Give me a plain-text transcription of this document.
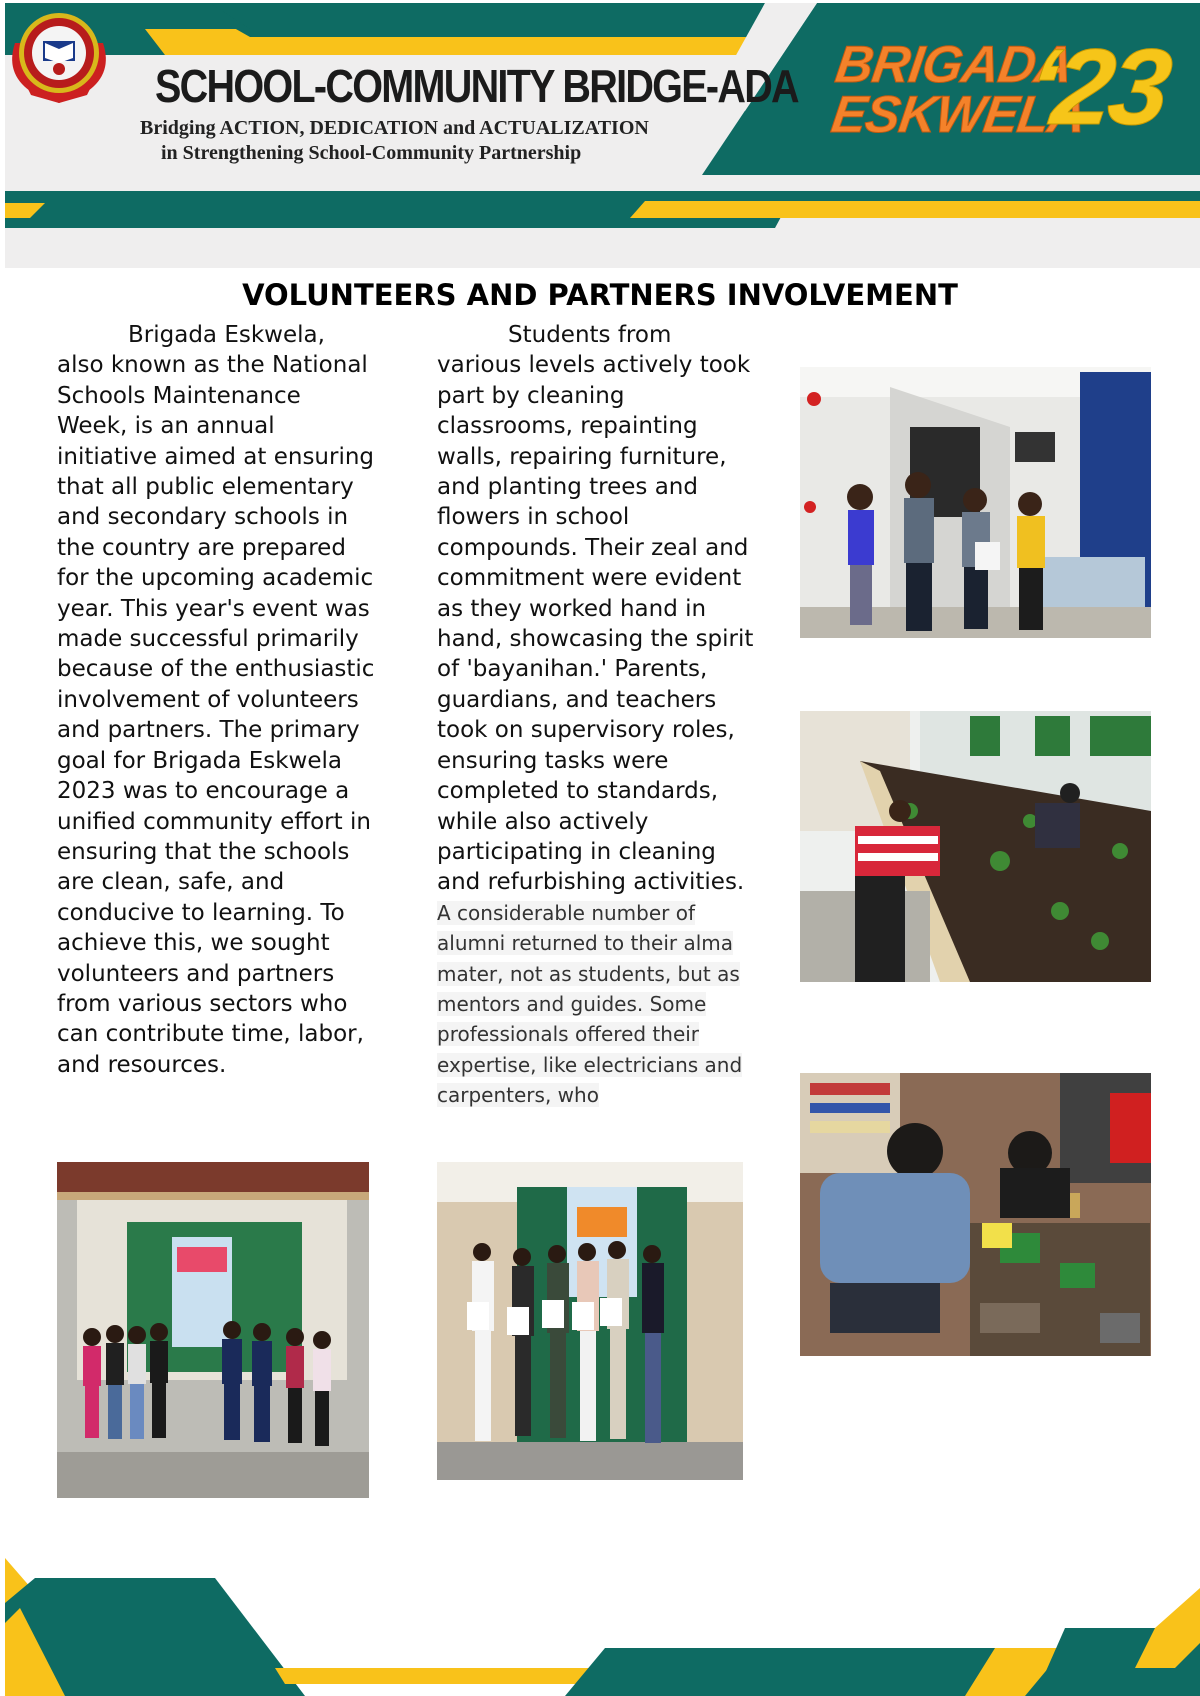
SCHOOL-COMMUNITY BRIDGE-ADA
Bridging ACTION, DEDICATION and ACTUALIZATION
in Strengthening School-Community Partnership
BRIGADA
ESKWELA
‘23
VOLUNTEERS AND PARTNERS INVOLVEMENT
Brigada Eskwela, also known as the National Schools Maintenance Week, is an annual initiative aimed at ensuring that all public elementary and secondary schools in the country are prepared for the upcoming academic year. This year's event was made successful primarily because of the enthusiastic involvement of volunteers and partners. The primary goal for Brigada Eskwela 2023 was to encourage a unified community effort in ensuring that the schools are clean, safe, and conducive to learning. To achieve this, we sought volunteers and partners from various sectors who can contribute time, labor, and resources.
Students from various levels actively took part by cleaning classrooms, repainting walls, repairing furniture, and planting trees and flowers in school compounds. Their zeal and commitment were evident as they worked hand in hand, showcasing the spirit of 'bayanihan.' Parents, guardians, and teachers took on supervisory roles, ensuring tasks were completed to standards, while also actively participating in cleaning and refurbishing activities. A considerable number of alumni returned to their alma mater, not as students, but as mentors and guides. Some professionals offered their expertise, like electricians and carpenters, who
